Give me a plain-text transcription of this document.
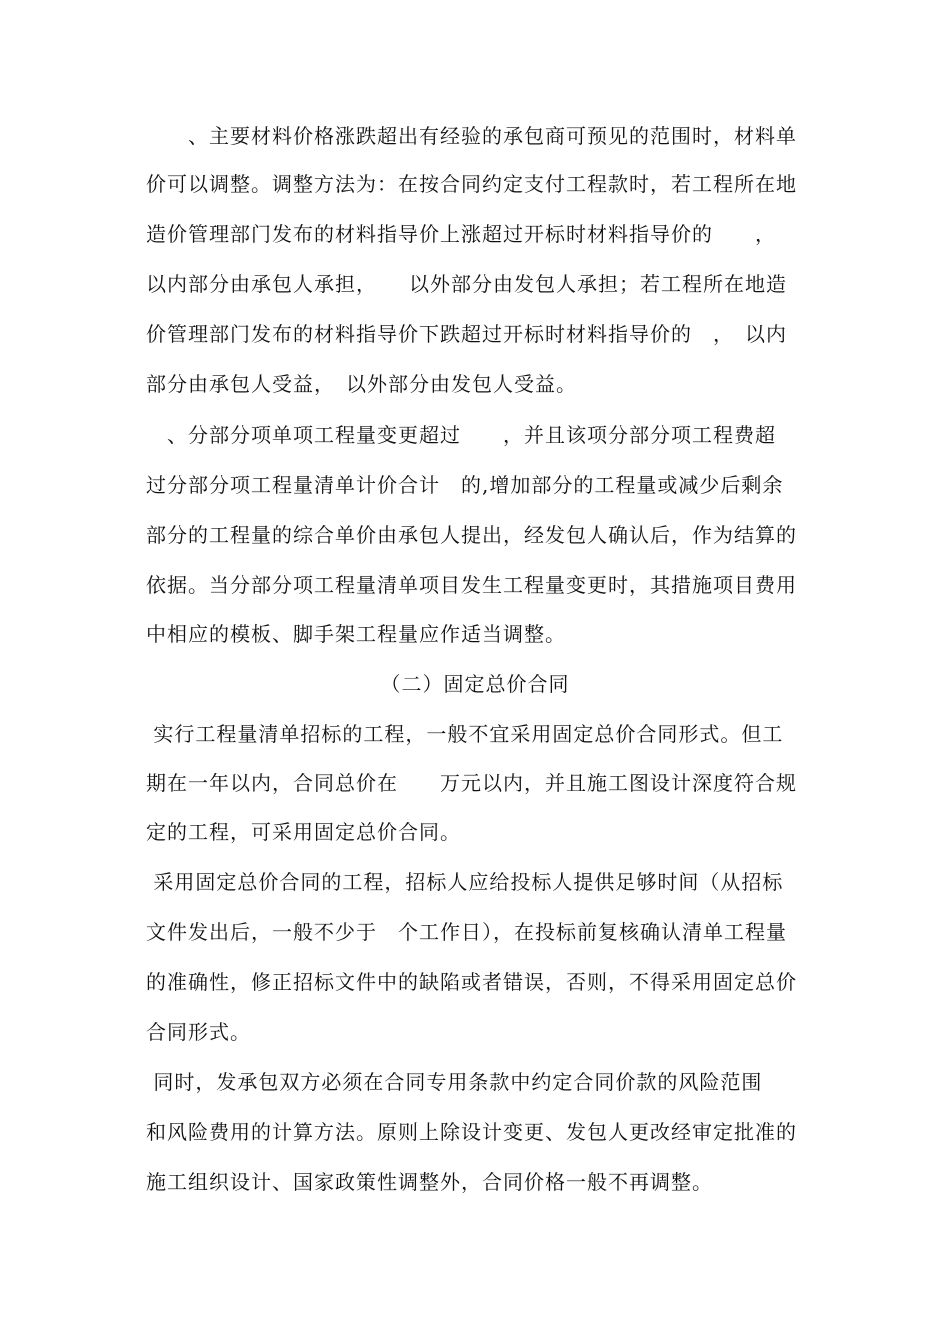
　　、主要材料价格涨跌超出有经验的承包商可预见的范围时，材料单
价可以调整。调整方法为：在按合同约定支付工程款时，若工程所在地
造价管理部门发布的材料指导价上涨超过开标时材料指导价的　　，
以内部分由承包人承担，　　以外部分由发包人承担；若工程所在地造
价管理部门发布的材料指导价下跌超过开标时材料指导价的　，　以内
部分由承包人受益，　以外部分由发包人受益。
　、分部分项单项工程量变更超过　　，并且该项分部分项工程费超
过分部分项工程量清单计价合计　的,增加部分的工程量或减少后剩余
部分的工程量的综合单价由承包人提出，经发包人确认后，作为结算的
依据。当分部分项工程量清单项目发生工程量变更时，其措施项目费用
中相应的模板、脚手架工程量应作适当调整。
（二）固定总价合同
实行工程量清单招标的工程，一般不宜采用固定总价合同形式。但工
期在一年以内，合同总价在　　万元以内，并且施工图设计深度符合规
定的工程，可采用固定总价合同。
采用固定总价合同的工程，招标人应给投标人提供足够时间（从招标
文件发出后，一般不少于　个工作日），在投标前复核确认清单工程量
的准确性，修正招标文件中的缺陷或者错误，否则，不得采用固定总价
合同形式。
同时，发承包双方必须在合同专用条款中约定合同价款的风险范围
和风险费用的计算方法。原则上除设计变更、发包人更改经审定批准的
施工组织设计、国家政策性调整外，合同价格一般不再调整。
